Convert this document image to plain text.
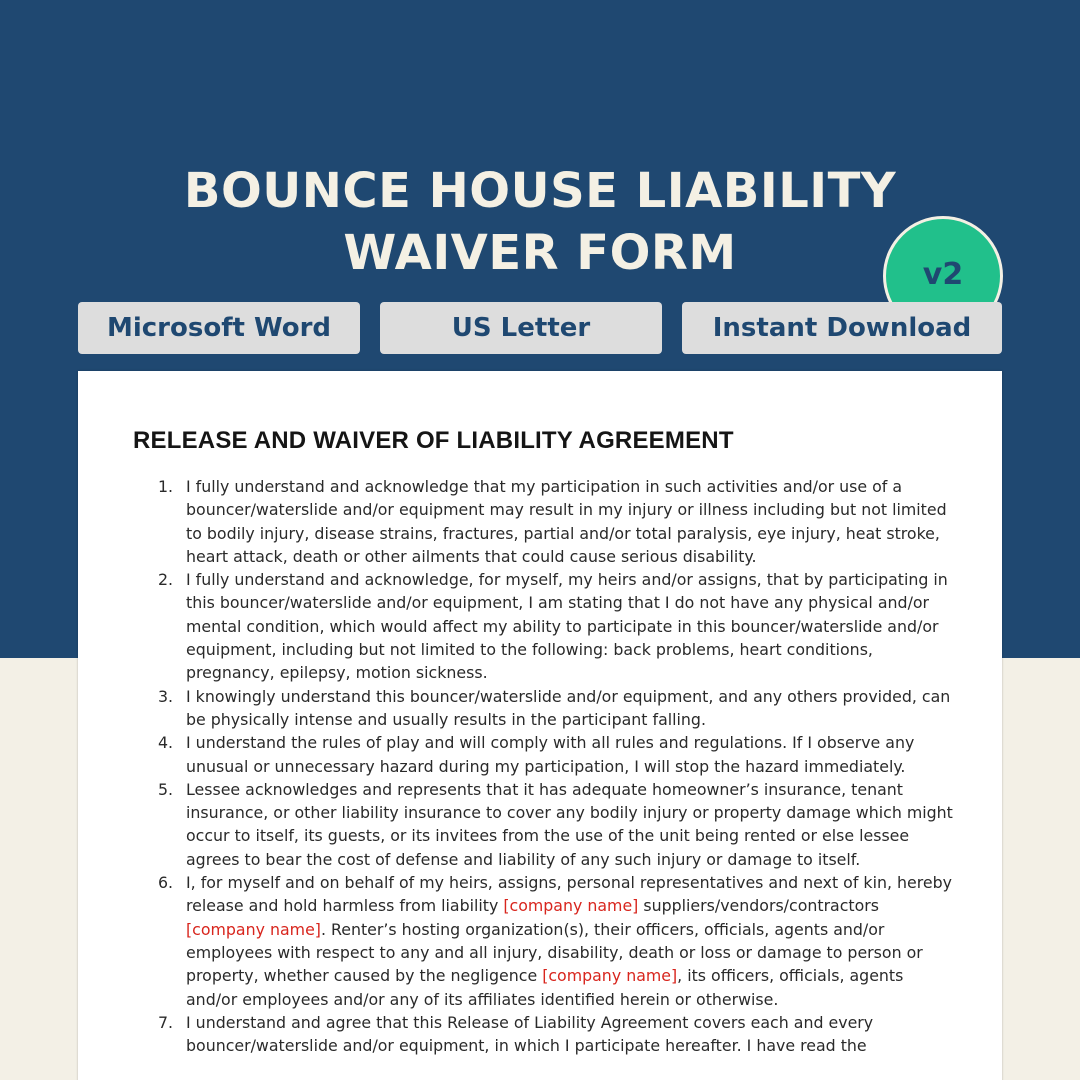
BOUNCE HOUSE LIABILITY
WAIVER FORM	v2
Microsoft Word	US Letter	Instant Download
RELEASE AND WAIVER OF LIABILITY AGREEMENT
1. I fully understand and acknowledge that my participation in such activities and/or use of a bouncer/waterslide and/or equipment may result in my injury or illness including but not limited to bodily injury, disease strains, fractures, partial and/or total paralysis, eye injury, heat stroke, heart attack, death or other ailments that could cause serious disability.
2. I fully understand and acknowledge, for myself, my heirs and/or assigns, that by participating in this bouncer/waterslide and/or equipment, I am stating that I do not have any physical and/or mental condition, which would affect my ability to participate in this bouncer/waterslide and/or equipment, including but not limited to the following: back problems, heart conditions, pregnancy, epilepsy, motion sickness.
3. I knowingly understand this bouncer/waterslide and/or equipment, and any others provided, can be physically intense and usually results in the participant falling.
4. I understand the rules of play and will comply with all rules and regulations. If I observe any unusual or unnecessary hazard during my participation, I will stop the hazard immediately.
5. Lessee acknowledges and represents that it has adequate homeowner’s insurance, tenant insurance, or other liability insurance to cover any bodily injury or property damage which might occur to itself, its guests, or its invitees from the use of the unit being rented or else lessee agrees to bear the cost of defense and liability of any such injury or damage to itself.
6. I, for myself and on behalf of my heirs, assigns, personal representatives and next of kin, hereby release and hold harmless from liability [company name] suppliers/vendors/contractors [company name]. Renter’s hosting organization(s), their officers, officials, agents and/or employees with respect to any and all injury, disability, death or loss or damage to person or property, whether caused by the negligence [company name], its officers, officials, agents and/or employees and/or any of its affiliates identified herein or otherwise.
7. I understand and agree that this Release of Liability Agreement covers each and every bouncer/waterslide and/or equipment, in which I participate hereafter. I have read the
